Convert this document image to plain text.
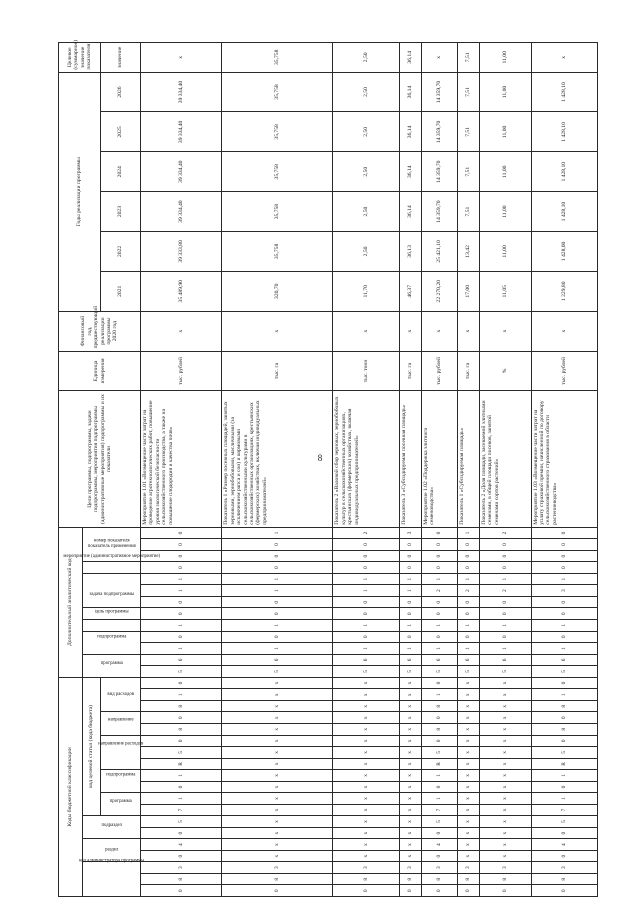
8
Коды бюджетной классификации																			Дополнительный аналитический код													Цели программы, подпрограммы, задачи подпрограммы, мероприятия подпрограммы (административные мероприятия) подпрограммы и их показатели	Единица измерения	Финансовый год, предшествующий реализации программы 2020 год	Годы реализации программы						Целевое (суммарное) значение показателя
код администратора программы			раздел		подраздел		код целевой статьи (кода бюджета)												программа		подпрограмма		цель программы	задача подпрограммы	мероприятие (административное мероприятие)			показатель применения	номер показателя												
							программа		подпрограмма		направление расходов			направление		вид расходов																			2021	2022	2023	2024	2025	2026	значение

0	8	3	0	4	0	5	7	1	0	1	R	5	0	8	0	8	1	0	5	6	1	0	1	0	0	1	1	0	0	0	0	Мероприятие 1.01 «Возмещение части затрат на проведение агротехнологических работ, повышение уровня экологической безопасности сельскохозяйственного производства, а также на повышение плодородия и качества почв»	тыс. рублей	x	35 489,90	39 333,80	39 334,40	39 334,40	39 334,40	39 334,40	x
0	8	3	x	x	x	x	x	x	x	x	x	x	x	x	x	x	x	x	5	6	1	0	1	0	0	1	1	0	0	0	1	Показатель 1 «Размер посевных площадей, занятых зерновыми, зернобобовыми, масличными (за исключением рапса и сои) и кормовыми сельскохозяйственными культурами в сельскохозяйственных организациях, крестьянских (фермерских) хозяйствах, включая индивидуальных предпринимателей»	тыс. га	x	320,70	35,758	35,758	35,758	35,758	35,758	35,758
0	8	3	x	x	x	x	x	x	x	x	x	x	x	x	x	x	x	x	5	6	1	0	1	0	0	1	1	0	0	0	2	Показатель 2 «Валовой сбор зерновых, зернобобовых культур в сельскохозяйственных организациях, крестьянских (фермерских) хозяйствах, включая индивидуальных предпринимателей»	тыс. тонн	x	11,70	2,50	2,50	2,50	2,50	2,50	2,50
0	8	3	x	x	x	x	x	x	x	x	x	x	x	x	x	x	x	x	5	6	1	0	1	0	0	1	1	0	0	0	3	Показатель 3 «Субсидируемая посевная площадь»	тыс. га	x	46,37	36,13	36,14	36,14	36,14	36,14	36,14
0	8	3	0	4	0	5	7	1	0	1	R	5	0	8	0	8	1	0	5	6	1	0	1	0	0	2	1	0	0	0	0	Мероприятие 1.02 «Поддержка элитного семеноводства»	тыс. рублей	x	22 270,20	25 421,10	14 359,70	14 359,70	14 359,70	14 359,70	x
0	8	3	x	x	x	x	x	x	x	x	x	x	x	x	x	x	x	x	5	6	1	0	1	0	0	2	1	0	0	0	1	Показатель 1 «Субсидируемая площадь»	тыс. га	x	17,00	13,42	7,51	7,51	7,51	7,51	7,51
0	8	3	x	x	x	x	x	x	x	x	x	x	x	x	x	x	x	x	5	6	1	0	1	0	0	2	1	0	0	0	2	Показатель 2 «Доля площади, засеваемой элитными семенами, в общей площади посевов, занятой семенами сортов растений»	%	x	11,05	11,00	11,00	11,00	11,00	11,00	11,00
0	8	3	0	4	0	5	7	1	0	1	R	5	0	8	0	8	1	0	5	6	1	0	1	0	0	3	1	0	0	0	0	Мероприятие 1.03 «Возмещение части затрат на уплату страховой премии, начисленной по договору сельскохозяйственного страхования в области растениеводства»	тыс. рублей	x	1 229,80	1 428,00	1 428,10	1 428,10	1 428,10	1 428,10	x
